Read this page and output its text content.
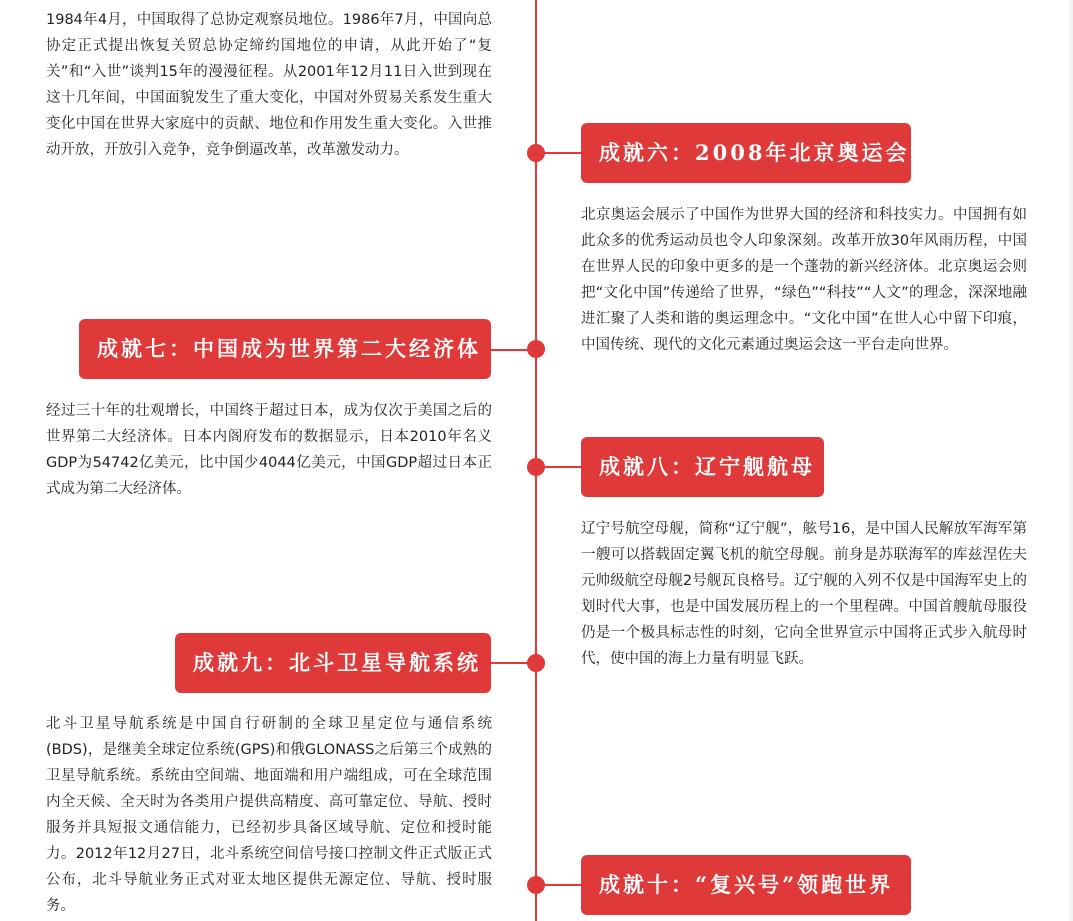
1984年4月，中国取得了总协定观察员地位。1986年7月，中国向总协定正式提出恢复关贸总协定缔约国地位的申请，从此开始了“复关”和“入世”谈判15年的漫漫征程。从2001年12月11日入世到现在这十几年间，中国面貌发生了重大变化，中国对外贸易关系发生重大变化中国在世界大家庭中的贡献、地位和作用发生重大变化。入世推动开放，开放引入竞争，竞争倒逼改革，改革激发动力。	成就六：2008年北京奥运会

北京奥运会展示了中国作为世界大国的经济和科技实力。中国拥有如此众多的优秀运动员也令人印象深刻。改革开放30年风雨历程，中国在世界人民的印象中更多的是一个蓬勃的新兴经济体。北京奥运会则把“文化中国”传递给了世界，“绿色”“科技”“人文”的理念，深深地融进汇聚了人类和谐的奥运理念中。“文化中国”在世人心中留下印痕，中国传统、现代的文化元素通过奥运会这一平台走向世界。

成就七：中国成为世界第二大经济体

经过三十年的壮观增长，中国终于超过日本，成为仅次于美国之后的世界第二大经济体。日本内阁府发布的数据显示，日本2010年名义GDP为54742亿美元，比中国少4044亿美元，中国GDP超过日本正式成为第二大经济体。

成就八：辽宁舰航母

辽宁号航空母舰，简称“辽宁舰”，舷号16，是中国人民解放军海军第一艘可以搭载固定翼飞机的航空母舰。前身是苏联海军的库兹涅佐夫元帅级航空母舰2号舰瓦良格号。辽宁舰的入列不仅是中国海军史上的划时代大事，也是中国发展历程上的一个里程碑。中国首艘航母服役仍是一个极具标志性的时刻，它向全世界宣示中国将正式步入航母时代，使中国的海上力量有明显飞跃。

成就九：北斗卫星导航系统

北斗卫星导航系统是中国自行研制的全球卫星定位与通信系统(BDS)，是继美全球定位系统(GPS)和俄GLONASS之后第三个成熟的卫星导航系统。系统由空间端、地面端和用户端组成，可在全球范围内全天候、全天时为各类用户提供高精度、高可靠定位、导航、授时服务并具短报文通信能力，已经初步具备区域导航、定位和授时能力。2012年12月27日，北斗系统空间信号接口控制文件正式版正式公布，北斗导航业务正式对亚太地区提供无源定位、导航、授时服务。

成就十：“复兴号”领跑世界
